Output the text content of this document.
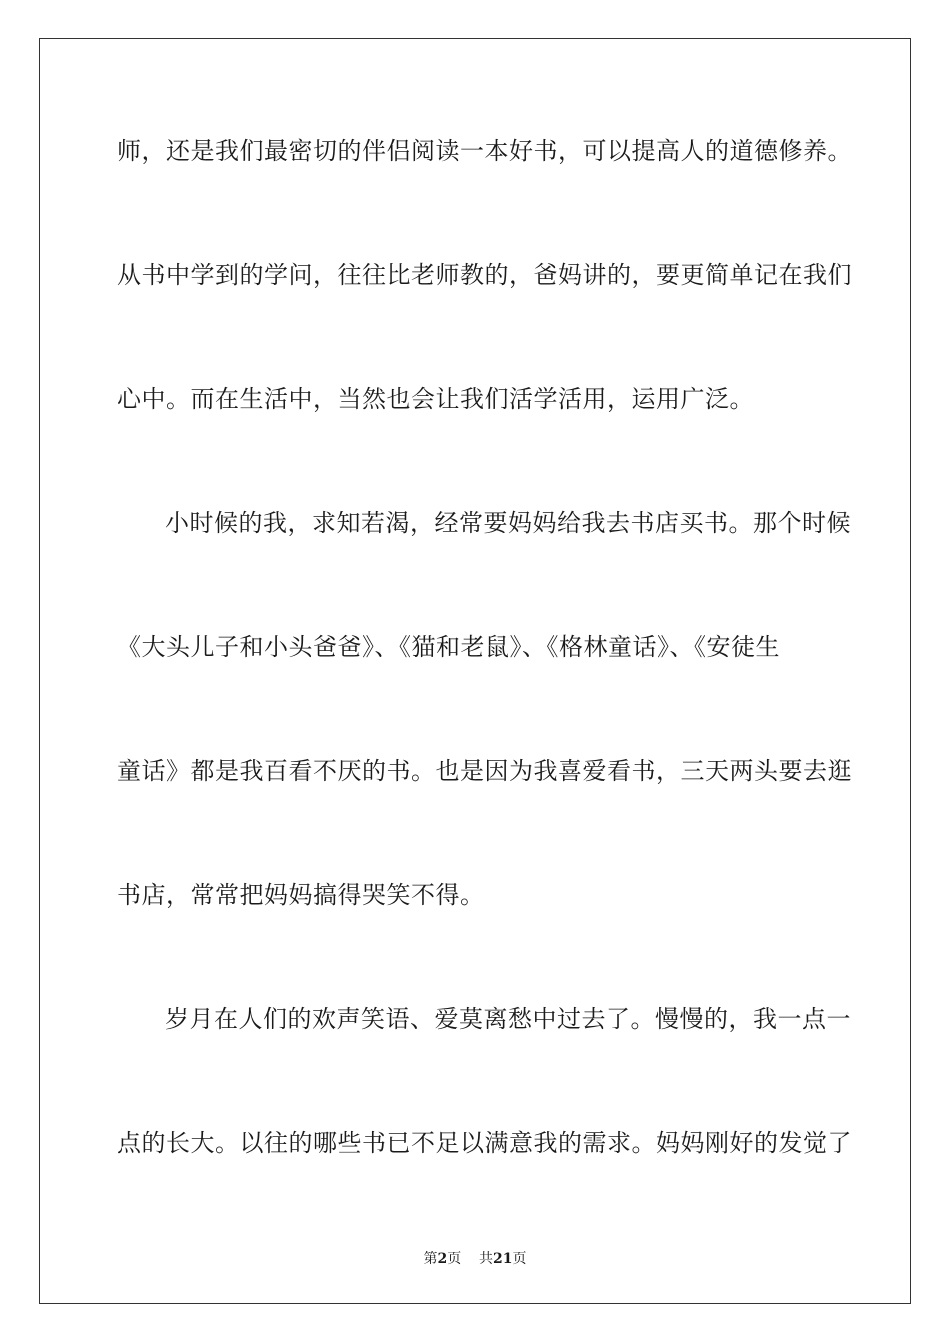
师，还是我们最密切的伴侣阅读一本好书，可以提高人的道德修养。
从书中学到的学问，往往比老师教的，爸妈讲的，要更简单记在我们
心中。而在生活中，当然也会让我们活学活用，运用广泛。
小时候的我，求知若渴，经常要妈妈给我去书店买书。那个时候
《大头儿子和小头爸爸》、《猫和老鼠》、《格林童话》、《安徒生
童话》都是我百看不厌的书。也是因为我喜爱看书，三天两头要去逛
书店，常常把妈妈搞得哭笑不得。
岁月在人们的欢声笑语、爱莫离愁中过去了。慢慢的，我一点一
点的长大。以往的哪些书已不足以满意我的需求。妈妈刚好的发觉了
第2页 共21页
